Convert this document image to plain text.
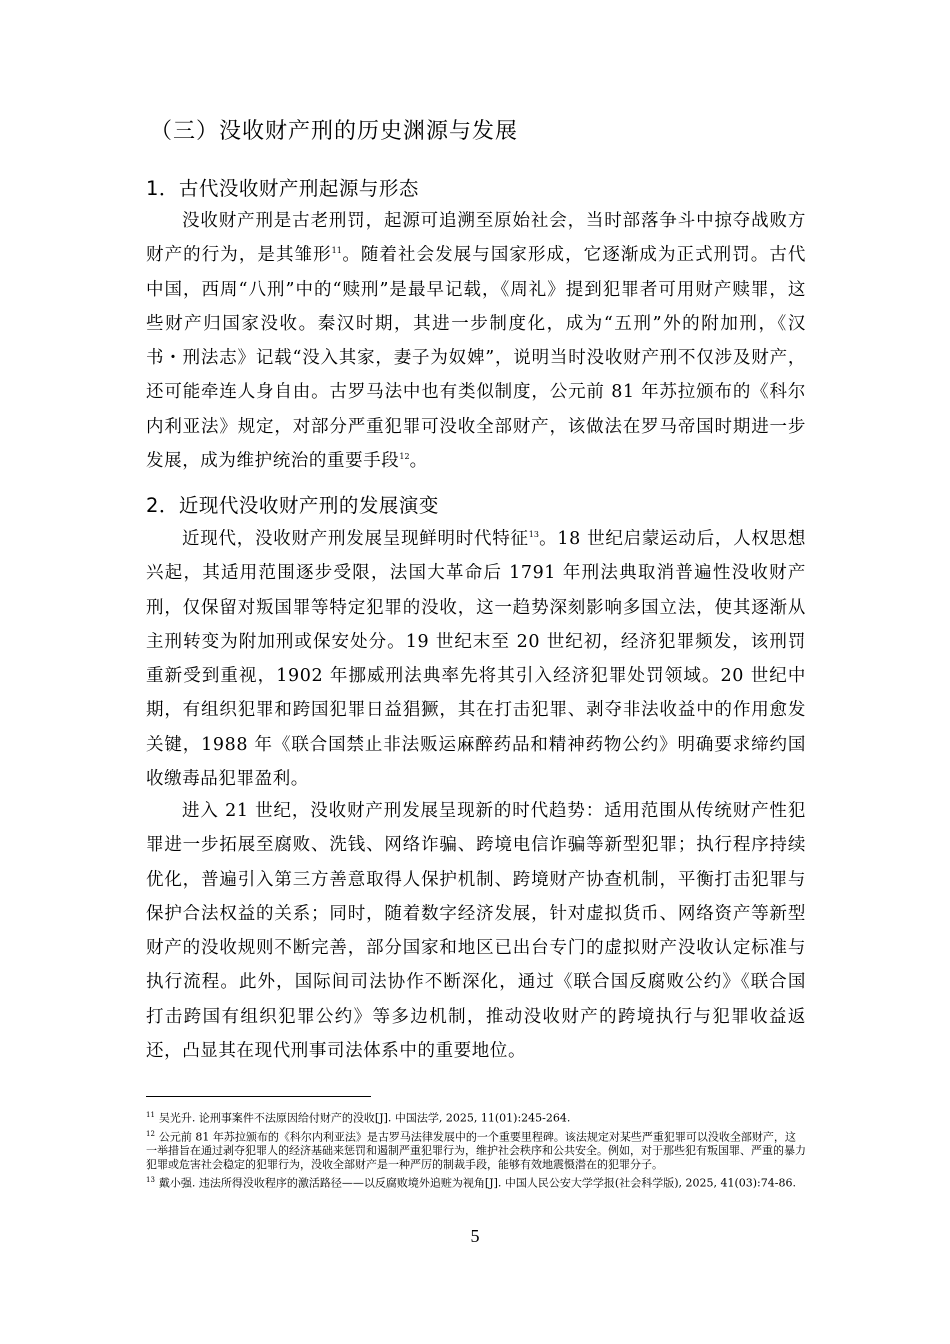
（三）没收财产刑的历史渊源与发展
1．古代没收财产刑起源与形态

没收财产刑是古老刑罚，起源可追溯至原始社会，当时部落争斗中掠夺战败方财产的行为，是其雏形$^{11}$。随着社会发展与国家形成，它逐渐成为正式刑罚。古代中国，西周“八刑”中的“赎刑”是最早记载，《周礼》提到犯罪者可用财产赎罪，这些财产归国家没收。秦汉时期，其进一步制度化，成为“五刑”外的附加刑，《汉书・刑法志》记载“没入其家，妻子为奴婢”，说明当时没收财产刑不仅涉及财产，还可能牵连人身自由。古罗马法中也有类似制度，公元前 81 年苏拉颁布的《科尔内利亚法》规定，对部分严重犯罪可没收全部财产，该做法在罗马帝国时期进一步发展，成为维护统治的重要手段$^{12}$。

2．近现代没收财产刑的发展演变

近现代，没收财产刑发展呈现鲜明时代特征$^{13}$。18 世纪启蒙运动后，人权思想兴起，其适用范围逐步受限，法国大革命后 1791 年刑法典取消普遍性没收财产刑，仅保留对叛国罪等特定犯罪的没收，这一趋势深刻影响多国立法，使其逐渐从主刑转变为附加刑或保安处分。19 世纪末至 20 世纪初，经济犯罪频发，该刑罚重新受到重视，1902 年挪威刑法典率先将其引入经济犯罪处罚领域。20 世纪中期，有组织犯罪和跨国犯罪日益猖獗，其在打击犯罪、剥夺非法收益中的作用愈发关键，1988 年《联合国禁止非法贩运麻醉药品和精神药物公约》明确要求缔约国收缴毒品犯罪盈利。

进入 21 世纪，没收财产刑发展呈现新的时代趋势：适用范围从传统财产性犯罪进一步拓展至腐败、洗钱、网络诈骗、跨境电信诈骗等新型犯罪；执行程序持续优化，普遍引入第三方善意取得人保护机制、跨境财产协查机制，平衡打击犯罪与保护合法权益的关系；同时，随着数字经济发展，针对虚拟货币、网络资产等新型财产的没收规则不断完善，部分国家和地区已出台专门的虚拟财产没收认定标准与执行流程。此外，国际间司法协作不断深化，通过《联合国反腐败公约》《联合国打击跨国有组织犯罪公约》等多边机制，推动没收财产的跨境执行与犯罪收益返还，凸显其在现代刑事司法体系中的重要地位。

$^{11}$ 吴光升. 论刑事案件不法原因给付财产的没收[J]. 中国法学, 2025, 11(01):245-264.

$^{12}$ 公元前 81 年苏拉颁布的《科尔内利亚法》是古罗马法律发展中的一个重要里程碑。该法规定对某些严重犯罪可以没收全部财产，这一举措旨在通过剥夺犯罪人的经济基础来惩罚和遏制严重犯罪行为，维护社会秩序和公共安全。例如，对于那些犯有叛国罪、严重的暴力犯罪或危害社会稳定的犯罪行为，没收全部财产是一种严厉的制裁手段，能够有效地震慑潜在的犯罪分子。

$^{13}$ 戴小强. 违法所得没收程序的激活路径——以反腐败境外追赃为视角[J]. 中国人民公安大学学报(社会科学版), 2025, 41(03):74-86.

5
